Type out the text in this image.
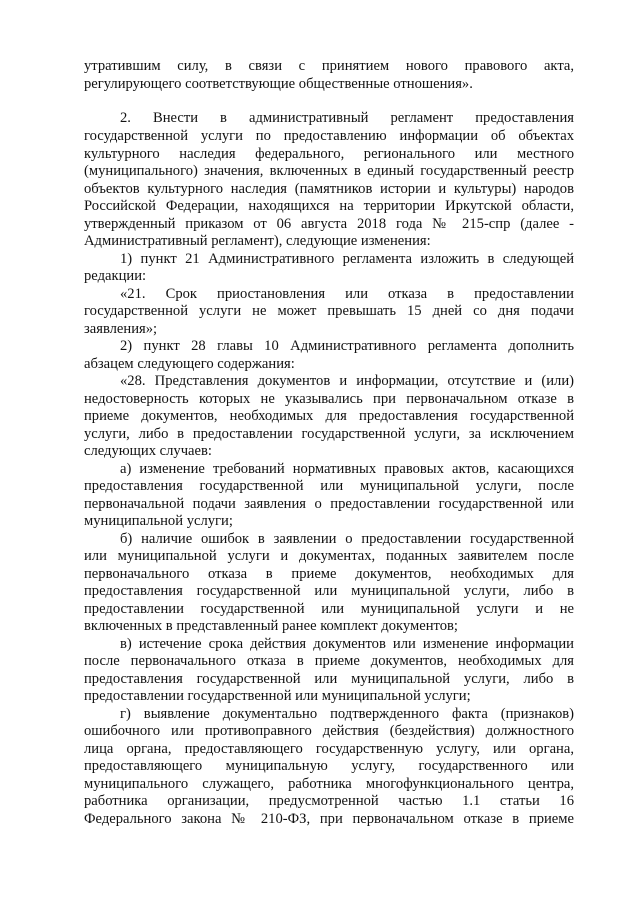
утратившим силу, в связи с принятием нового правового акта,
регулирующего соответствующие общественные отношения».
2. Внести в административный регламент предоставления
государственной услуги по предоставлению информации об объектах
культурного наследия федерального, регионального или местного
(муниципального) значения, включенных в единый государственный реестр
объектов культурного наследия (памятников истории и культуры) народов
Российской Федерации, находящихся на территории Иркутской области,
утвержденный приказом от 06 августа 2018 года № 215-спр (далее -
Административный регламент), следующие изменения:
1) пункт 21 Административного регламента изложить в следующей
редакции:
«21. Срок приостановления или отказа в предоставлении
государственной услуги не может превышать 15 дней со дня подачи
заявления»;
2) пункт 28 главы 10 Административного регламента дополнить
абзацем следующего содержания:
«28. Представления документов и информации, отсутствие и (или)
недостоверность которых не указывались при первоначальном отказе в
приеме документов, необходимых для предоставления государственной
услуги, либо в предоставлении государственной услуги, за исключением
следующих случаев:
а) изменение требований нормативных правовых актов, касающихся
предоставления государственной или муниципальной услуги, после
первоначальной подачи заявления о предоставлении государственной или
муниципальной услуги;
б) наличие ошибок в заявлении о предоставлении государственной
или муниципальной услуги и документах, поданных заявителем после
первоначального отказа в приеме документов, необходимых для
предоставления государственной или муниципальной услуги, либо в
предоставлении государственной или муниципальной услуги и не
включенных в представленный ранее комплект документов;
в) истечение срока действия документов или изменение информации
после первоначального отказа в приеме документов, необходимых для
предоставления государственной или муниципальной услуги, либо в
предоставлении государственной или муниципальной услуги;
г) выявление документально подтвержденного факта (признаков)
ошибочного или противоправного действия (бездействия) должностного
лица органа, предоставляющего государственную услугу, или органа,
предоставляющего муниципальную услугу, государственного или
муниципального служащего, работника многофункционального центра,
работника организации, предусмотренной частью 1.1 статьи 16
Федерального закона № 210-ФЗ, при первоначальном отказе в приеме
